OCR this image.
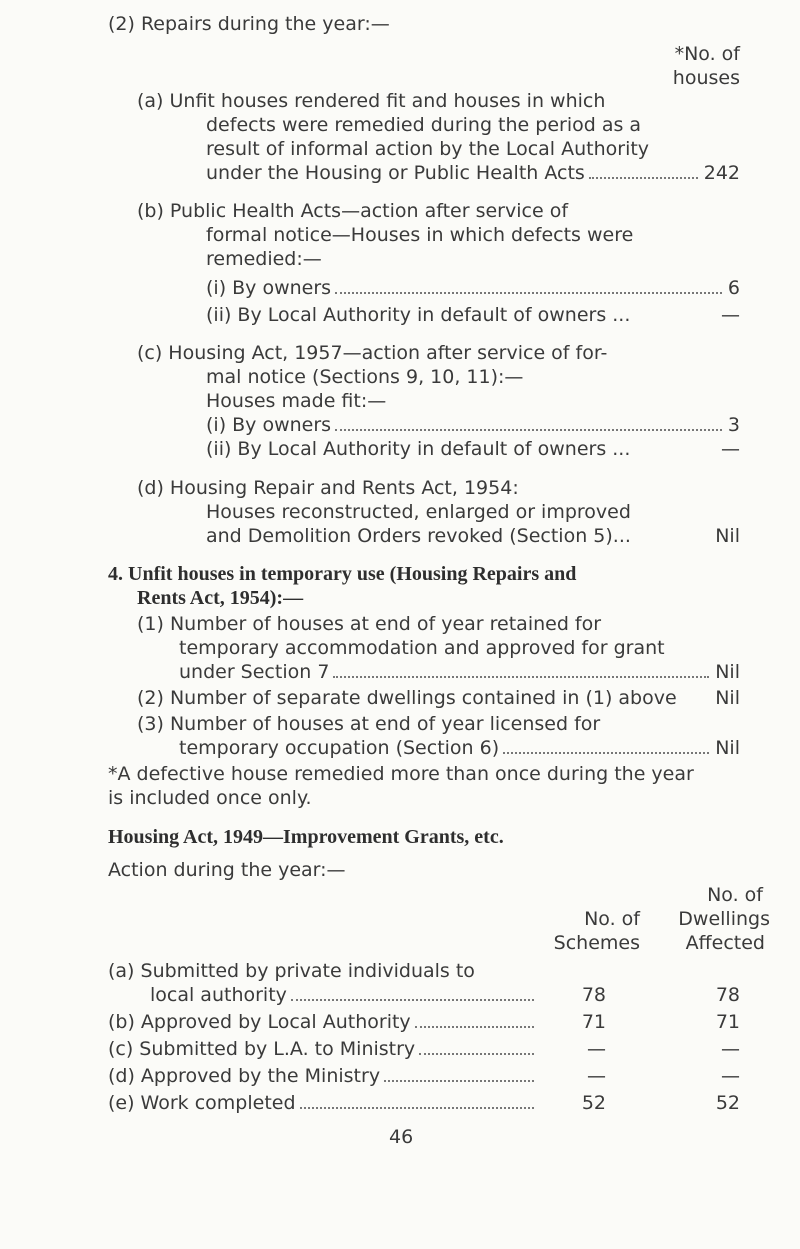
(2) Repairs during the year:—
*No. of
houses
(a) Unfit houses rendered fit and houses in which
defects were remedied during the period as a
result of informal action by the Local Authority
under the Housing or Public Health Acts	242
(b) Public Health Acts—action after service of
formal notice—Houses in which defects were
remedied:—
(i) By owners	6
(ii) By Local Authority in default of owners ...	—
(c) Housing Act, 1957—action after service of for-
mal notice (Sections 9, 10, 11):—
Houses made fit:—
(i) By owners	3
(ii) By Local Authority in default of owners ...	—
(d) Housing Repair and Rents Act, 1954:
Houses reconstructed, enlarged or improved
and Demolition Orders revoked (Section 5)...	Nil
4. Unfit houses in temporary use (Housing Repairs and
Rents Act, 1954):—
(1) Number of houses at end of year retained for
temporary accommodation and approved for grant
under Section 7	Nil
(2) Number of separate dwellings contained in (1) above	Nil
(3) Number of houses at end of year licensed for
temporary occupation (Section 6)	Nil
*A defective house remedied more than once during the year
is included once only.
Housing Act, 1949—Improvement Grants, etc.
Action during the year:—
No. of
Schemes
No. of
Dwellings
Affected
(a) Submitted by private individuals to
local authority	78	78
(b) Approved by Local Authority	71	71
(c) Submitted by L.A. to Ministry	—	—
(d) Approved by the Ministry	—	—
(e) Work completed	52	52
46
